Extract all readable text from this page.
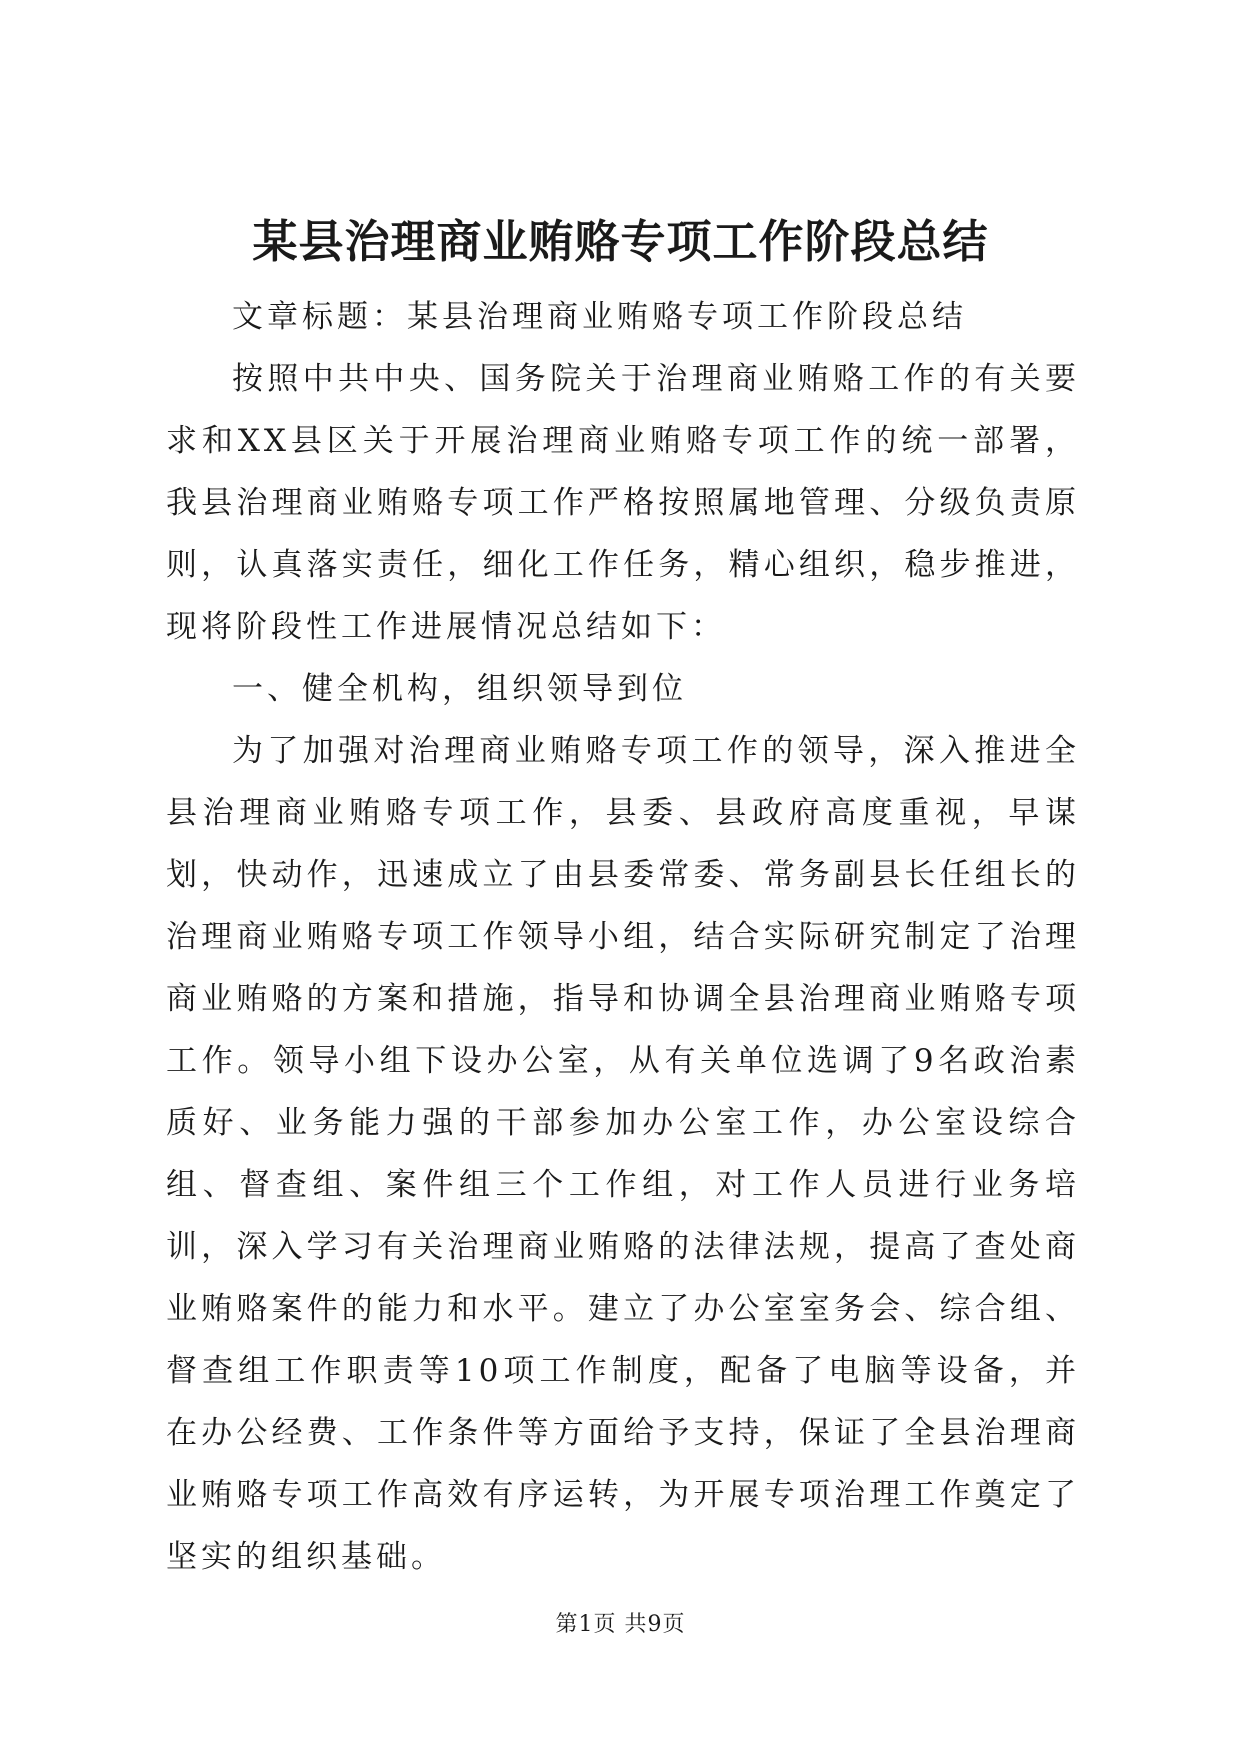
某县治理商业贿赂专项工作阶段总结

文章标题：某县治理商业贿赂专项工作阶段总结

按照中共中央、国务院关于治理商业贿赂工作的有关要求和XX县区关于开展治理商业贿赂专项工作的统一部署，我县治理商业贿赂专项工作严格按照属地管理、分级负责原则，认真落实责任，细化工作任务，精心组织，稳步推进，现将阶段性工作进展情况总结如下：

一、健全机构，组织领导到位

为了加强对治理商业贿赂专项工作的领导，深入推进全县治理商业贿赂专项工作，县委、县政府高度重视，早谋划，快动作，迅速成立了由县委常委、常务副县长任组长的治理商业贿赂专项工作领导小组，结合实际研究制定了治理商业贿赂的方案和措施，指导和协调全县治理商业贿赂专项工作。领导小组下设办公室，从有关单位选调了9名政治素质好、业务能力强的干部参加办公室工作，办公室设综合组、督查组、案件组三个工作组，对工作人员进行业务培训，深入学习有关治理商业贿赂的法律法规，提高了查处商业贿赂案件的能力和水平。建立了办公室室务会、综合组、督查组工作职责等10项工作制度，配备了电脑等设备，并在办公经费、工作条件等方面给予支持，保证了全县治理商业贿赂专项工作高效有序运转，为开展专项治理工作奠定了坚实的组织基础。

第1页 共9页
